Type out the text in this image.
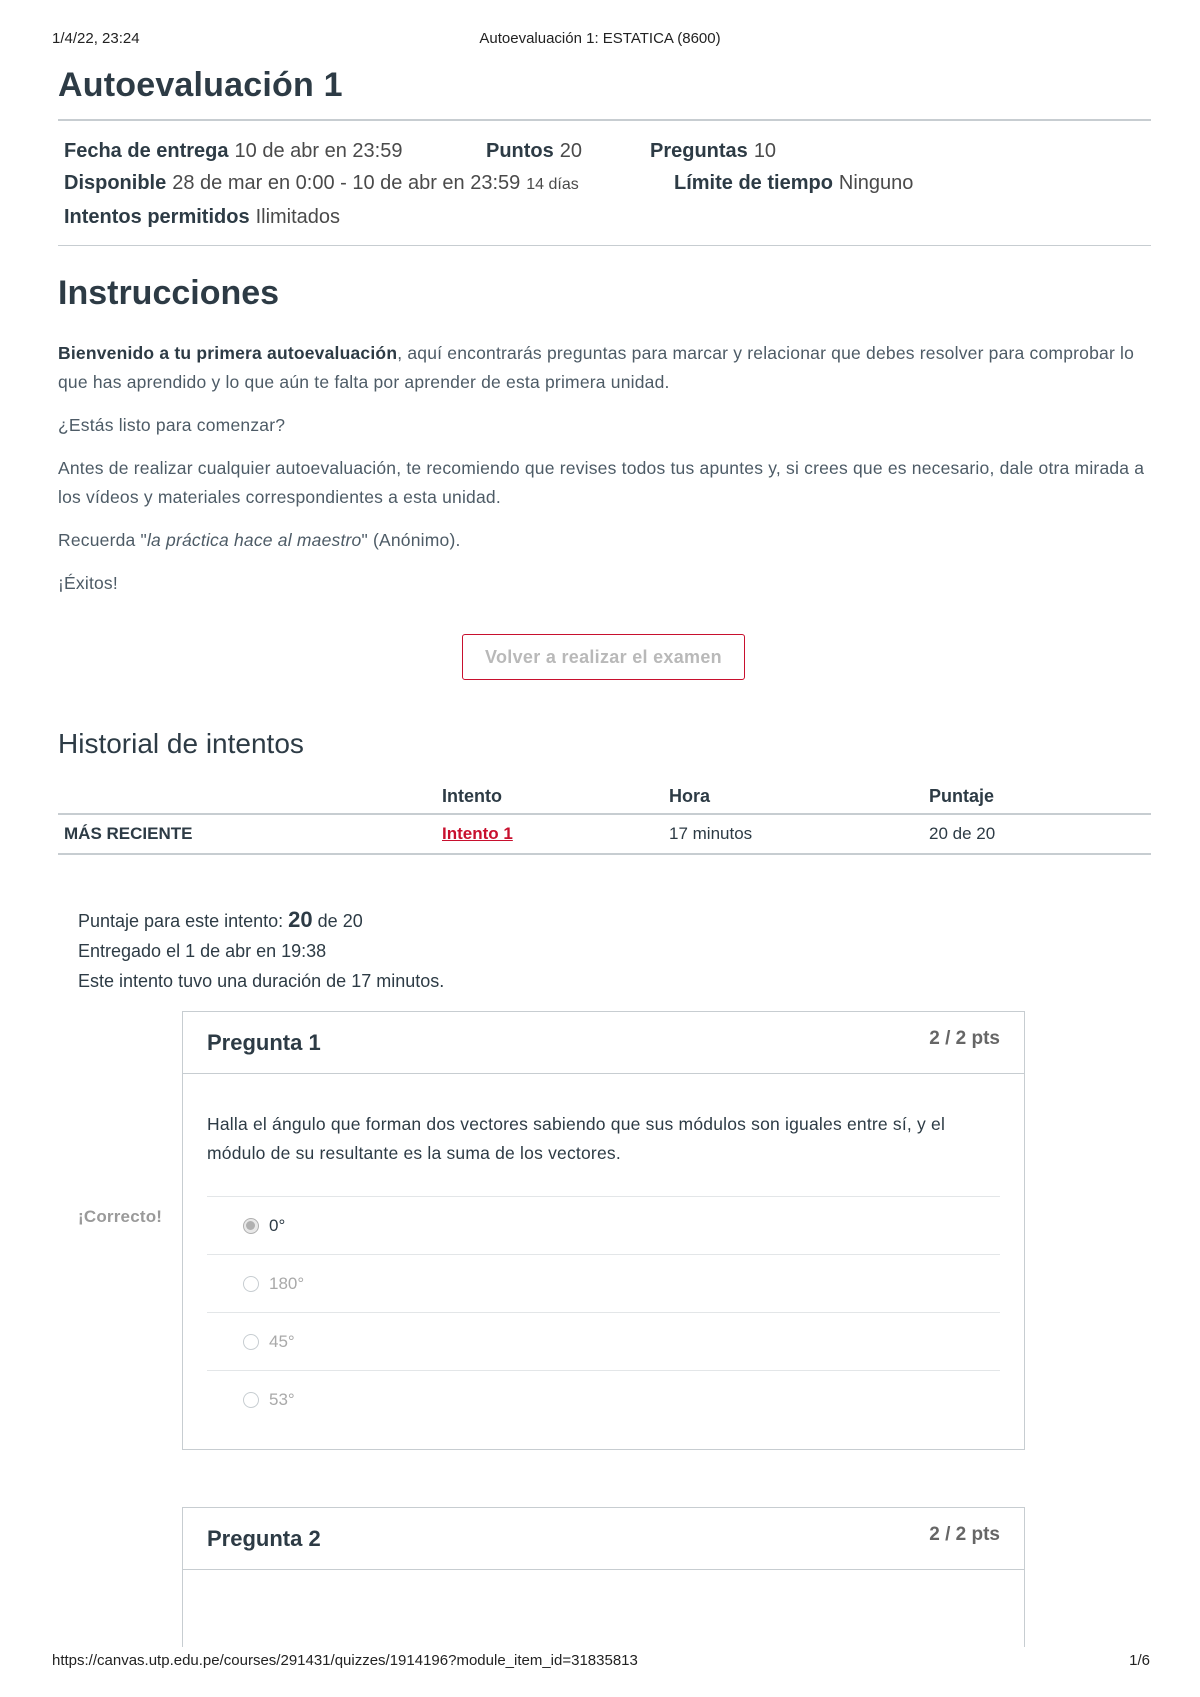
1/4/22, 23:24	Autoevaluación 1: ESTATICA (8600)
Autoevaluación 1
Fecha de entrega 10 de abr en 23:59	Puntos 20	Preguntas 10
Disponible 28 de mar en 0:00 - 10 de abr en 23:59 14 días	Límite de tiempo Ninguno
Intentos permitidos Ilimitados
Instrucciones

Bienvenido a tu primera autoevaluación, aquí encontrarás preguntas para marcar y relacionar que debes resolver para comprobar lo que has aprendido y lo que aún te falta por aprender de esta primera unidad.

¿Estás listo para comenzar?

Antes de realizar cualquier autoevaluación, te recomiendo que revises todos tus apuntes y, si crees que es necesario, dale otra mirada a los vídeos y materiales correspondientes a esta unidad.

Recuerda "la práctica hace al maestro" (Anónimo).

¡Éxitos!

Volver a realizar el examen
Historial de intentos
	Intento	Hora	Puntaje
MÁS RECIENTE	Intento 1	17 minutos	20 de 20
Puntaje para este intento: 20 de 20
Entregado el 1 de abr en 19:38
Este intento tuvo una duración de 17 minutos.
¡Correcto!
Pregunta 1	2 / 2 pts
Halla el ángulo que forman dos vectores sabiendo que sus módulos son iguales entre sí, y el módulo de su resultante es la suma de los vectores.
0°
180°
45°
53°
Pregunta 2	2 / 2 pts
https://canvas.utp.edu.pe/courses/291431/quizzes/1914196?module_item_id=31835813	1/6
